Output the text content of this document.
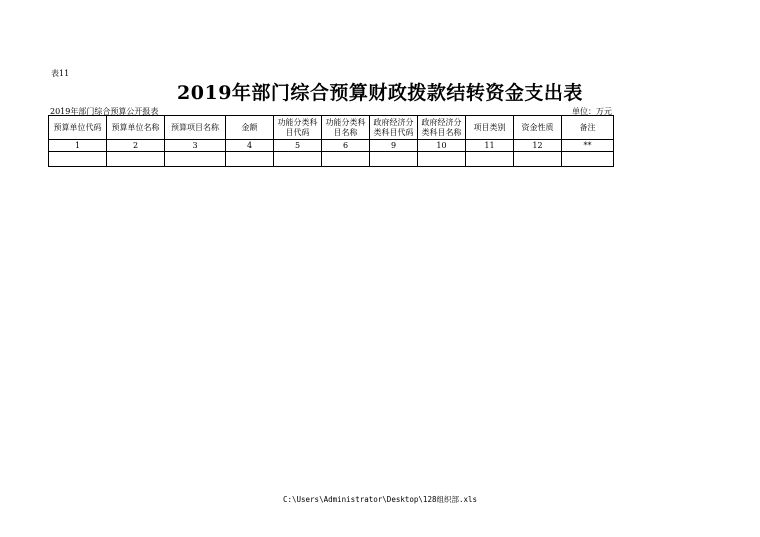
表11
2019年部门综合预算财政拨款结转资金支出表
2019年部门综合预算公开报表	单位：万元
预算单位代码	预算单位名称	预算项目名称	金额	功能分类科目代码	功能分类科目名称	政府经济分类科目代码	政府经济分类科目名称	项目类别	资金性质	备注
1	2	3	4	5	6	9	10	11	12	**

C:\Users\Administrator\Desktop\128组织部.xls
